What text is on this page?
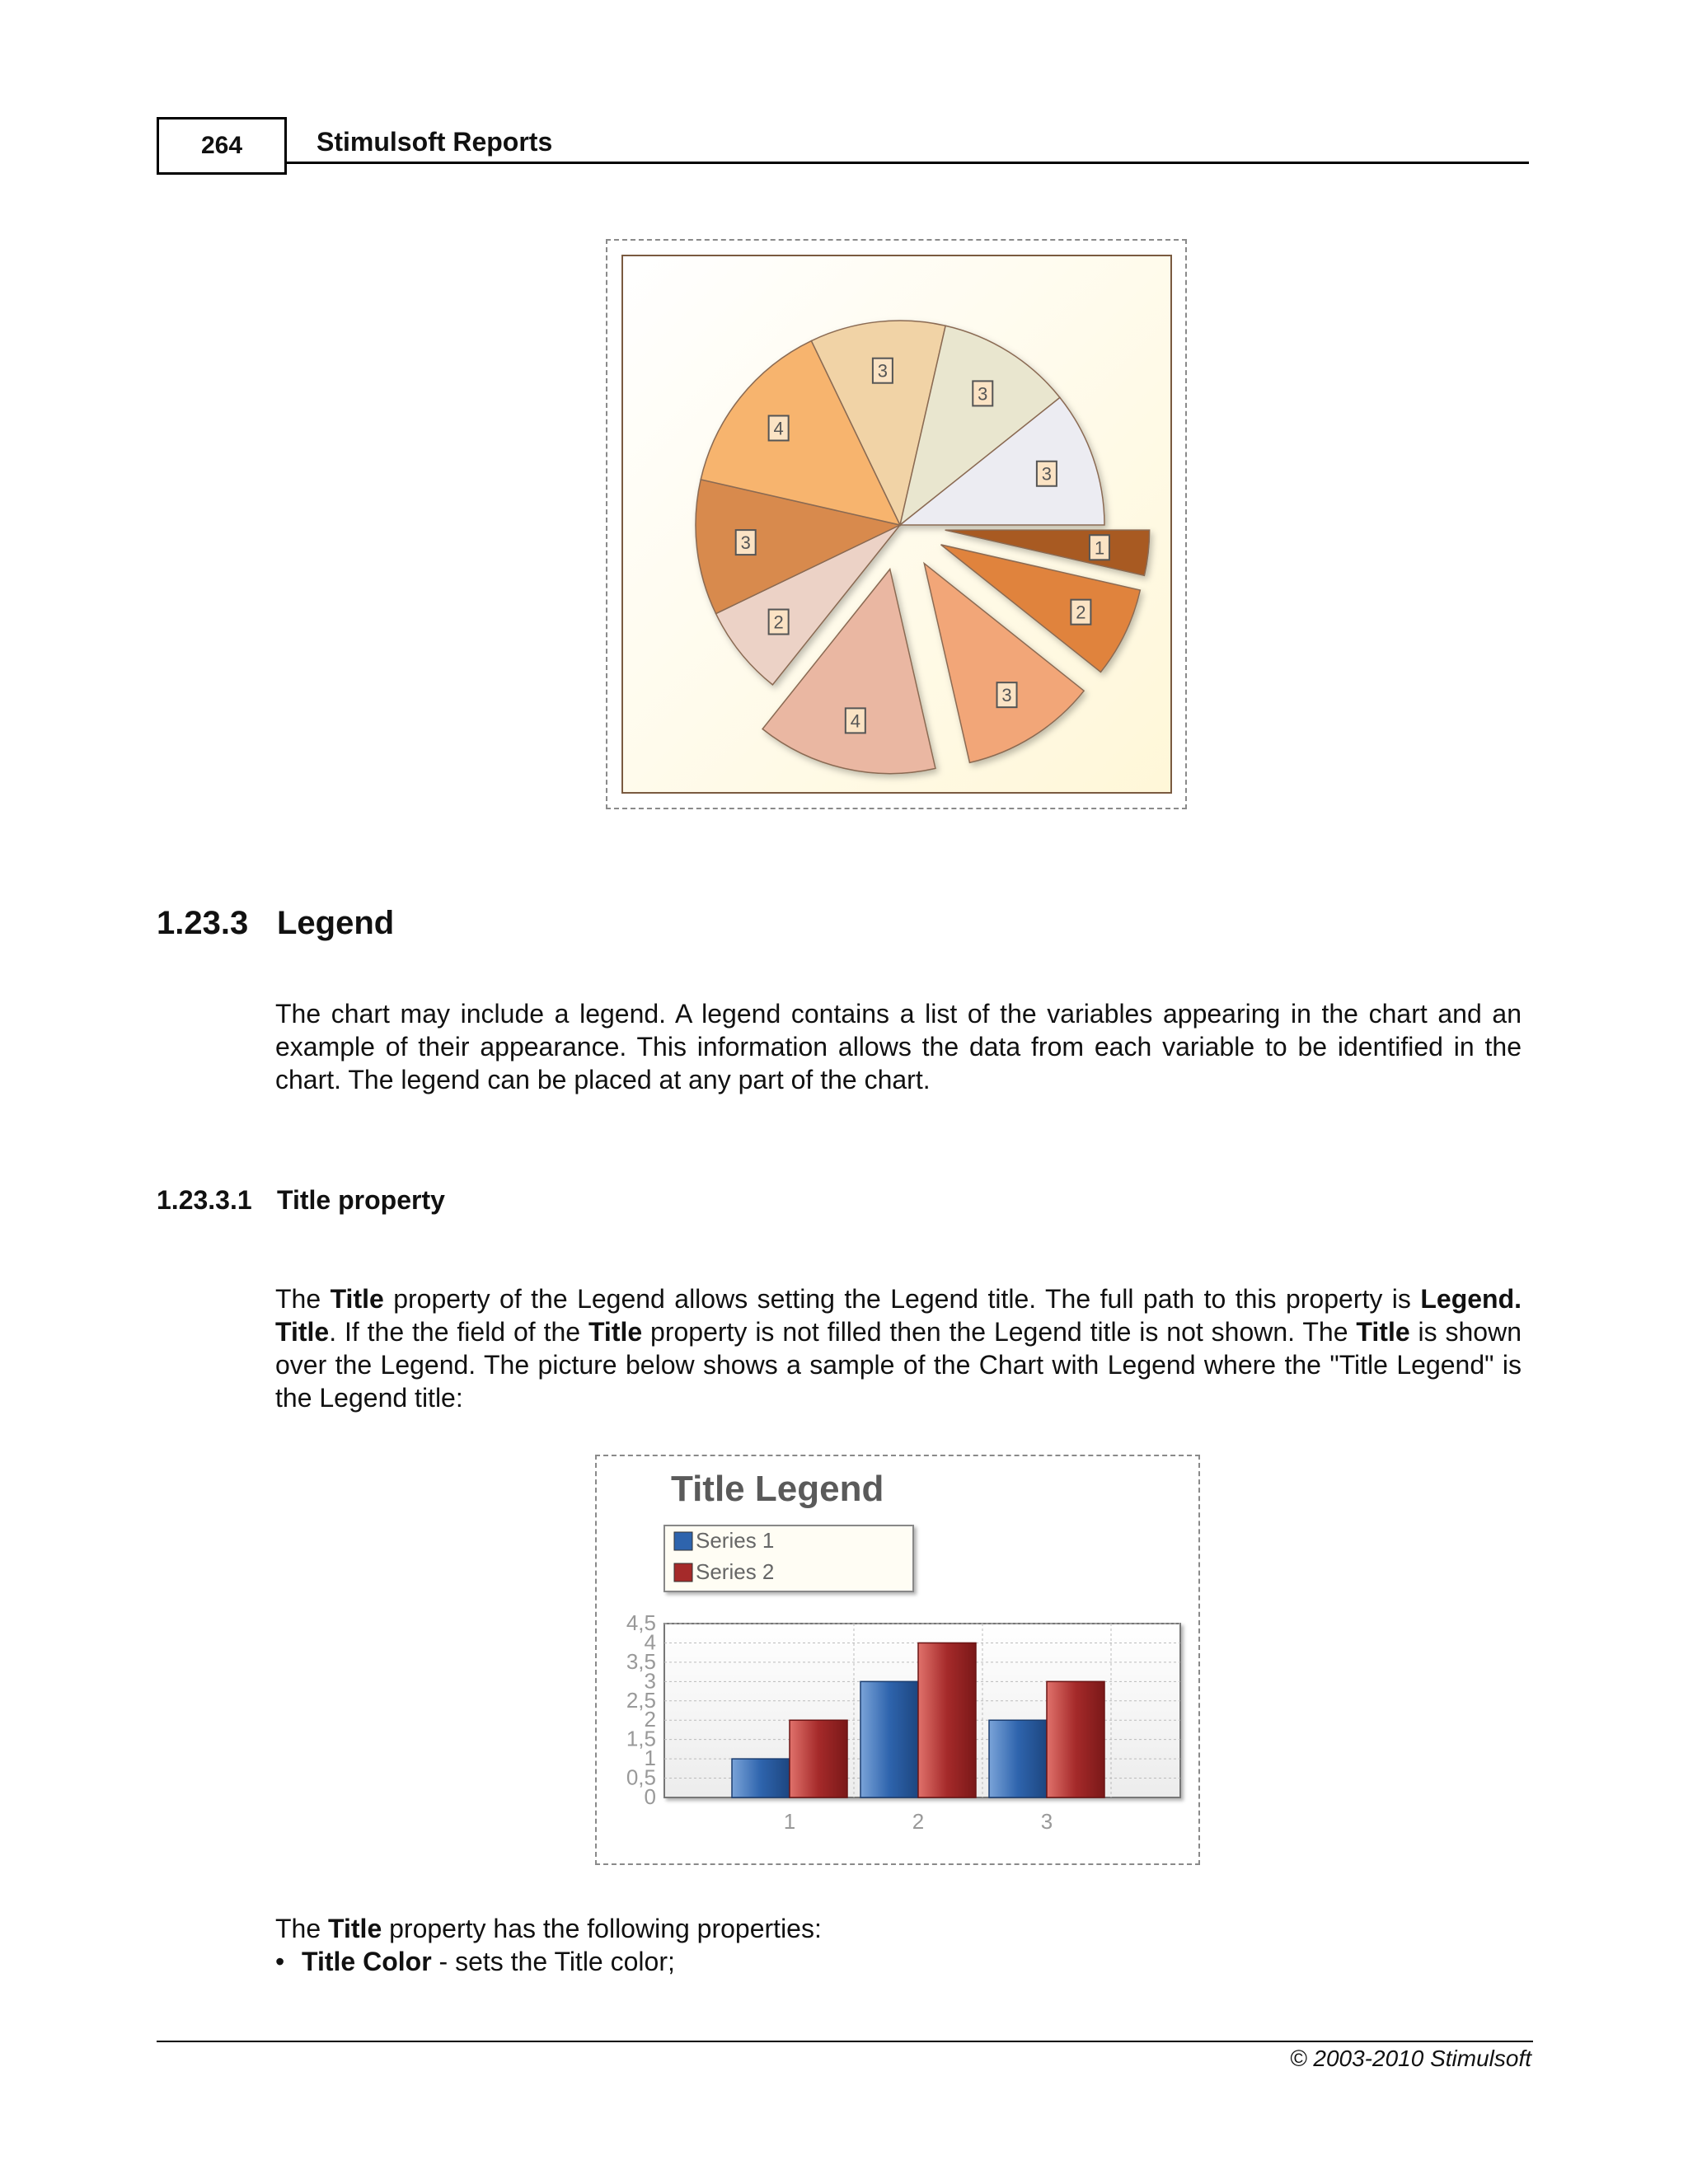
264	Stimulsoft Reports
1
2
3
4
2
3
4
3
3
3
1.23.3 Legend

The chart may include a legend. A legend contains a list of the variables appearing in the chart and an example of their appearance. This information allows the data from each variable to be identified in the chart. The legend can be placed at any part of the chart.

1.23.3.1 Title property

The Title property of the Legend allows setting the Legend title. The full path to this property is Legend. Title. If the the field of the Title property is not filled then the Legend title is not shown. The Title is shown over the Legend. The picture below shows a sample of the Chart with Legend where the "Title Legend" is the Legend title:

Title Legend
Series 1
Series 2
0
0,5
1
1,5
2
2,5
3
3,5
4
4,5
1	2	3

The Title property has the following properties:

• Title Color - sets the Title color;
© 2003-2010 Stimulsoft
